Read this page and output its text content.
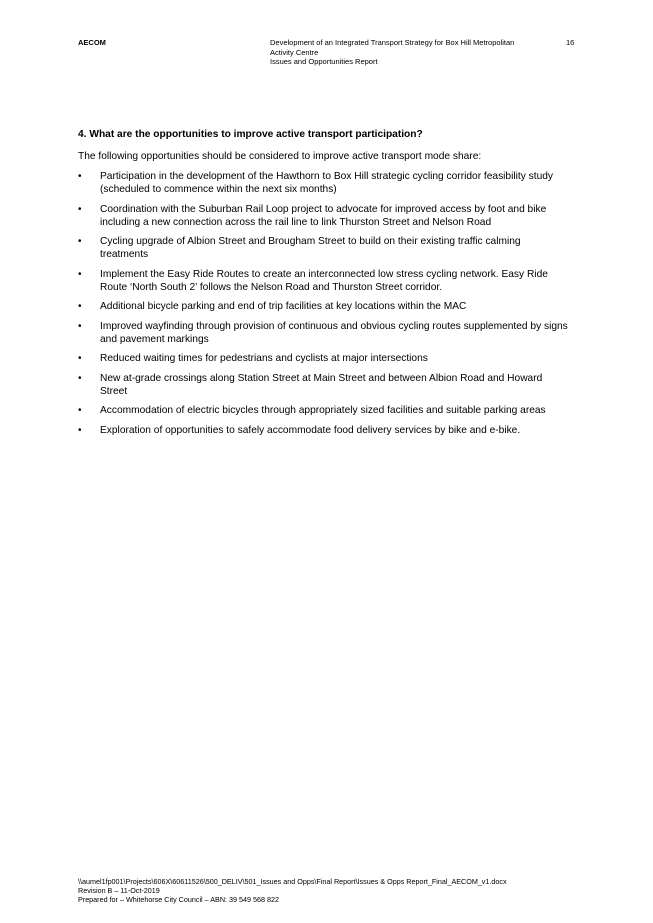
AECOM	Development of an Integrated Transport Strategy for Box Hill Metropolitan
Activity Centre
Issues and Opportunities Report
16

4. What are the opportunities to improve active transport participation?

The following opportunities should be considered to improve active transport mode share:

• Participation in the development of the Hawthorn to Box Hill strategic cycling corridor feasibility study (scheduled to commence within the next six months)
• Coordination with the Suburban Rail Loop project to advocate for improved access by foot and bike including a new connection across the rail line to link Thurston Street and Nelson Road
• Cycling upgrade of Albion Street and Brougham Street to build on their existing traffic calming treatments
• Implement the Easy Ride Routes to create an interconnected low stress cycling network. Easy Ride Route ‘North South 2’ follows the Nelson Road and Thurston Street corridor.
• Additional bicycle parking and end of trip facilities at key locations within the MAC
• Improved wayfinding through provision of continuous and obvious cycling routes supplemented by signs and pavement markings
• Reduced waiting times for pedestrians and cyclists at major intersections
• New at-grade crossings along Station Street at Main Street and between Albion Road and Howard Street
• Accommodation of electric bicycles through appropriately sized facilities and suitable parking areas
• Exploration of opportunities to safely accommodate food delivery services by bike and e-bike.
\\aumel1fp001\Projects\606X\60611526\500_DELIV\501_Issues and Opps\Final Report\Issues & Opps Report_Final_AECOM_v1.docx
Revision B – 11-Oct-2019
Prepared for – Whitehorse City Council – ABN: 39 549 568 822
